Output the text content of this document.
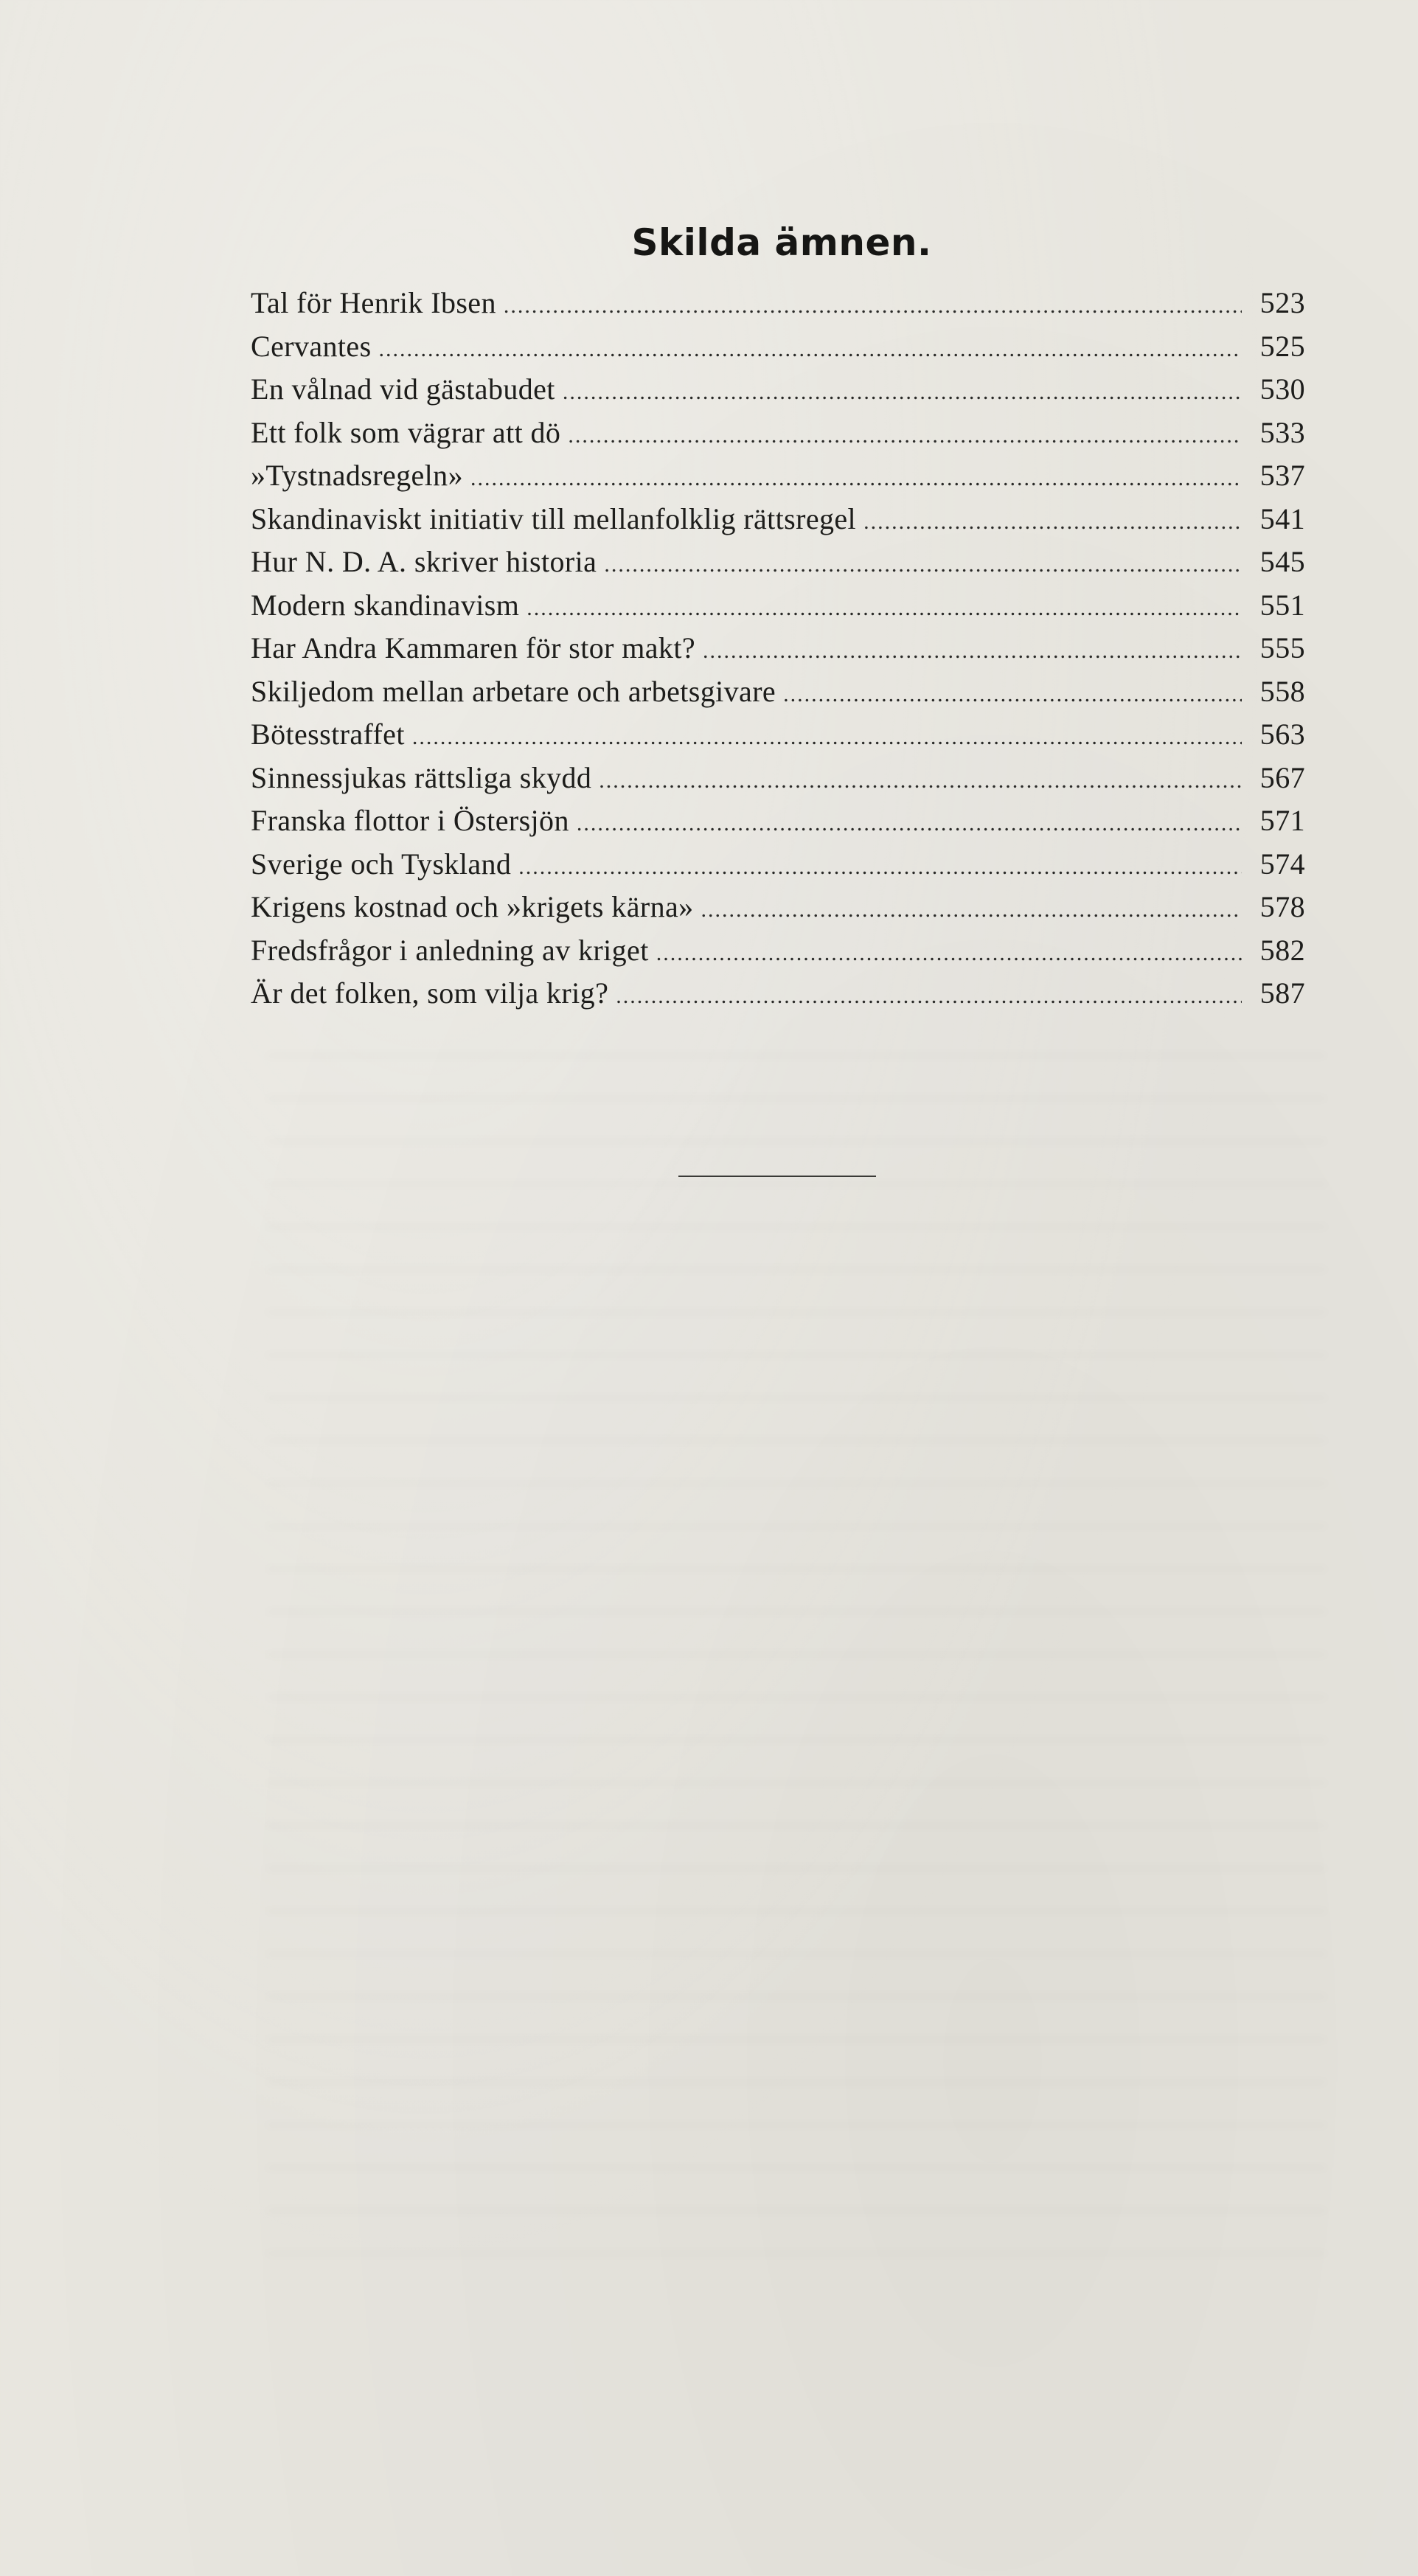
Skilda ämnen.
Tal för Henrik Ibsen .....	523
Cervantes .....	525
En vålnad vid gästabudet .....	530
Ett folk som vägrar att dö .....	533
»Tystnadsregeln» .....	537
Skandinaviskt initiativ till mellanfolklig rättsregel .....	541
Hur N. D. A. skriver historia .....	545
Modern skandinavism .....	551
Har Andra Kammaren för stor makt? .....	555
Skiljedom mellan arbetare och arbetsgivare .....	558
Bötesstraffet .....	563
Sinnessjukas rättsliga skydd .....	567
Franska flottor i Östersjön .....	571
Sverige och Tyskland .....	574
Krigens kostnad och »krigets kärna» .....	578
Fredsfrågor i anledning av kriget .....	582
Är det folken, som vilja krig? .....	587
